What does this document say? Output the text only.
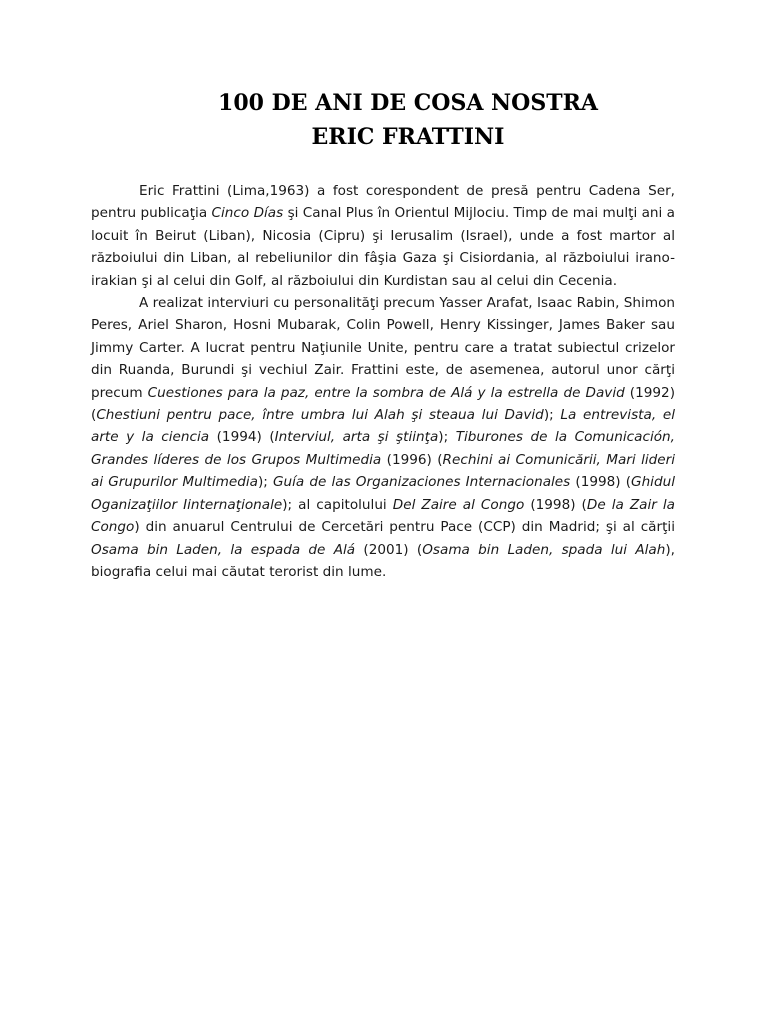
100 DE ANI DE COSA NOSTRA
ERIC FRATTINI

Eric Frattini (Lima,1963) a fost corespondent de presă pentru Cadena Ser, pentru publicaţia Cinco Días şi Canal Plus în Orientul Mijlociu. Timp de mai mulţi ani a locuit în Beirut (Liban), Nicosia (Cipru) şi Ierusalim (Israel), unde a fost martor al războiului din Liban, al rebeliunilor din fâşia Gaza şi Cisiordania, al războiului irano-irakian şi al celui din Golf, al războiului din Kurdistan sau al celui din Cecenia.

A realizat interviuri cu personalităţi precum Yasser Arafat, Isaac Rabin, Shimon Peres, Ariel Sharon, Hosni Mubarak, Colin Powell, Henry Kissinger, James Baker sau Jimmy Carter. A lucrat pentru Naţiunile Unite, pentru care a tratat subiectul crizelor din Ruanda, Burundi şi vechiul Zair. Frattini este, de asemenea, autorul unor cărţi precum Cuestiones para la paz, entre la sombra de Alá y la estrella de David (1992) (Chestiuni pentru pace, între umbra lui Alah şi steaua lui David); La entrevista, el arte y la ciencia (1994) (Interviul, arta şi ştiinţa); Tiburones de la Comunicación, Grandes líderes de los Grupos Multimedia (1996) (Rechini ai Comunicării, Mari lideri ai Grupurilor Multimedia); Guía de las Organizaciones Internacionales (1998) (Ghidul Oganizaţiilor Iinternaţionale); al capitolului Del Zaire al Congo (1998) (De la Zair la Congo) din anuarul Centrului de Cercetări pentru Pace (CCP) din Madrid; şi al cărţii Osama bin Laden, la espada de Alá (2001) (Osama bin Laden, spada lui Alah), biografia celui mai căutat terorist din lume.
